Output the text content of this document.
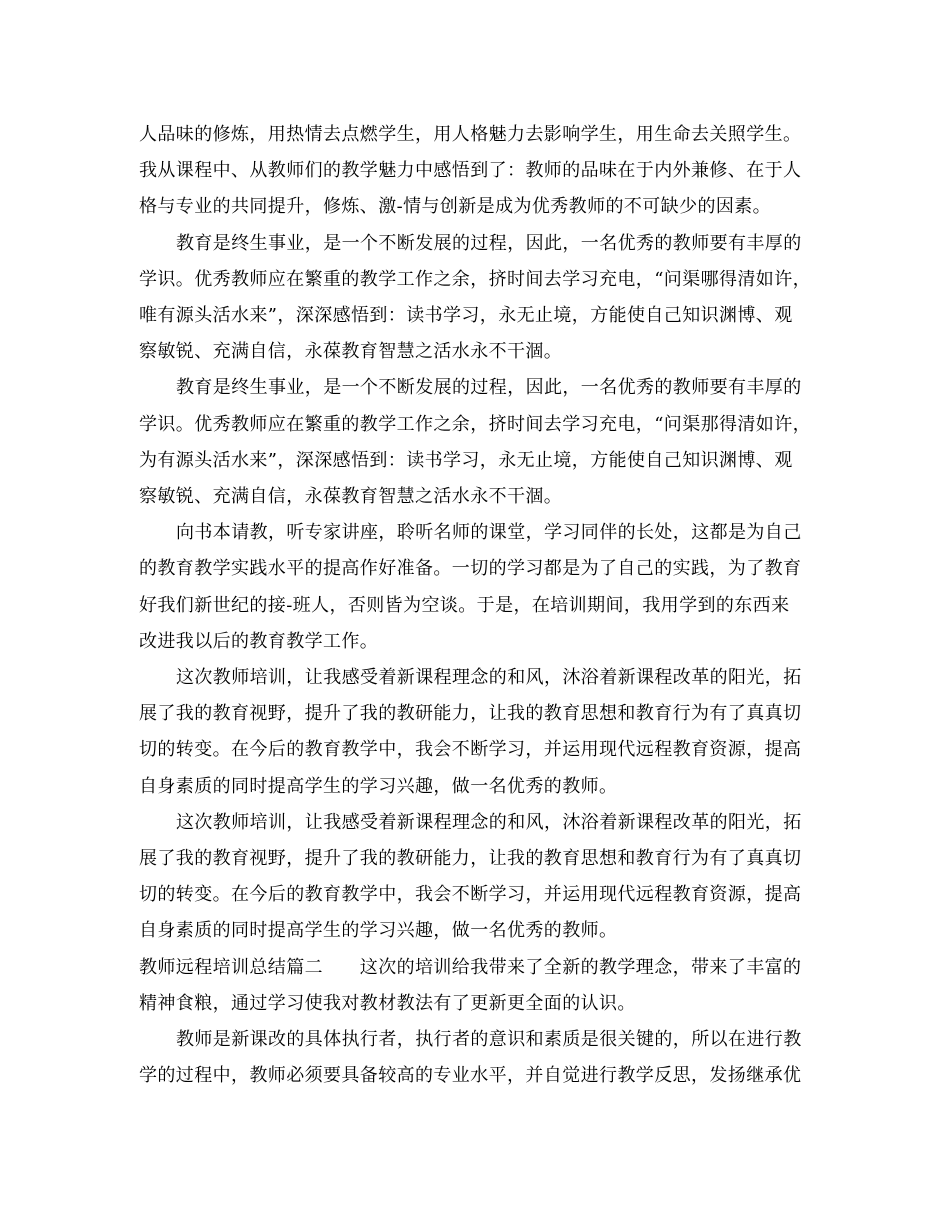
人品味的修炼，用热情去点燃学生，用人格魅力去影响学生，用生命去关照学生。
我从课程中、从教师们的教学魅力中感悟到了：教师的品味在于内外兼修、在于人
格与专业的共同提升，修炼、激-情与创新是成为优秀教师的不可缺少的因素。

教育是终生事业，是一个不断发展的过程，因此，一名优秀的教师要有丰厚的
学识。优秀教师应在繁重的教学工作之余，挤时间去学习充电，“问渠哪得清如许，
唯有源头活水来”，深深感悟到：读书学习，永无止境，方能使自己知识渊博、观
察敏锐、充满自信，永葆教育智慧之活水永不干涸。

教育是终生事业，是一个不断发展的过程，因此，一名优秀的教师要有丰厚的
学识。优秀教师应在繁重的教学工作之余，挤时间去学习充电，“问渠那得清如许，
为有源头活水来”，深深感悟到：读书学习，永无止境，方能使自己知识渊博、观
察敏锐、充满自信，永葆教育智慧之活水永不干涸。

向书本请教，听专家讲座，聆听名师的课堂，学习同伴的长处，这都是为自己
的教育教学实践水平的提高作好准备。一切的学习都是为了自己的实践，为了教育
好我们新世纪的接-班人，否则皆为空谈。于是，在培训期间，我用学到的东西来
改进我以后的教育教学工作。

这次教师培训，让我感受着新课程理念的和风，沐浴着新课程改革的阳光，拓
展了我的教育视野，提升了我的教研能力，让我的教育思想和教育行为有了真真切
切的转变。在今后的教育教学中，我会不断学习，并运用现代远程教育资源，提高
自身素质的同时提高学生的学习兴趣，做一名优秀的教师。

这次教师培训，让我感受着新课程理念的和风，沐浴着新课程改革的阳光，拓
展了我的教育视野，提升了我的教研能力，让我的教育思想和教育行为有了真真切
切的转变。在今后的教育教学中，我会不断学习，并运用现代远程教育资源，提高
自身素质的同时提高学生的学习兴趣，做一名优秀的教师。

教师远程培训总结篇二　　这次的培训给我带来了全新的教学理念，带来了丰富的
精神食粮，通过学习使我对教材教法有了更新更全面的认识。

教师是新课改的具体执行者，执行者的意识和素质是很关键的，所以在进行教
学的过程中，教师必须要具备较高的专业水平，并自觉进行教学反思，发扬继承优
